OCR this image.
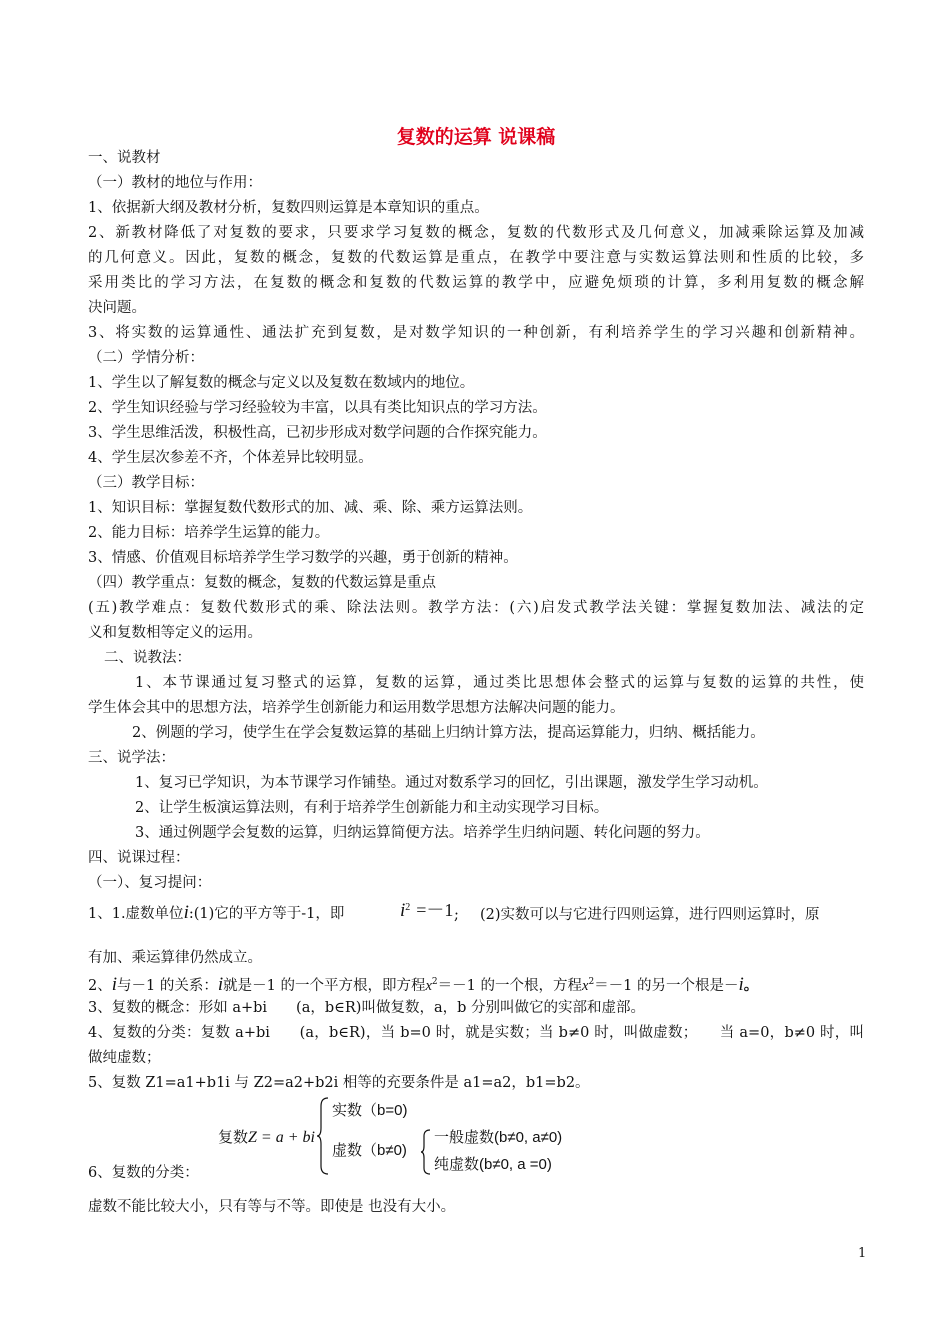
复数的运算 说课稿
一、说教材
（一）教材的地位与作用：
1、依据新大纲及教材分析，复数四则运算是本章知识的重点。
2、新教材降低了对复数的要求，只要求学习复数的概念，复数的代数形式及几何意义，加减乘除运算及加减
的几何意义。因此，复数的概念，复数的代数运算是重点，在教学中要注意与实数运算法则和性质的比较，多
采用类比的学习方法，在复数的概念和复数的代数运算的教学中，应避免烦琐的计算，多利用复数的概念解
决问题。
3、将实数的运算通性、通法扩充到复数，是对数学知识的一种创新，有利培养学生的学习兴趣和创新精神。
（二）学情分析：
1、学生以了解复数的概念与定义以及复数在数域内的地位。
2、学生知识经验与学习经验较为丰富，以具有类比知识点的学习方法。
3、学生思维活泼，积极性高，已初步形成对数学问题的合作探究能力。
4、学生层次参差不齐，个体差异比较明显。
（三）教学目标：
1、知识目标：掌握复数代数形式的加、减、乘、除、乘方运算法则。
2、能力目标：培养学生运算的能力。
3、情感、价值观目标培养学生学习数学的兴趣，勇于创新的精神。
（四）教学重点：复数的概念，复数的代数运算是重点
(五)教学难点：复数代数形式的乘、除法法则。教学方法：(六)启发式教学法关键：掌握复数加法、减法的定
义和复数相等定义的运用。
二、说教法：
1、本节课通过复习整式的运算，复数的运算，通过类比思想体会整式的运算与复数的运算的共性，使
学生体会其中的思想方法，培养学生创新能力和运用数学思想方法解决问题的能力。
2、例题的学习，使学生在学会复数运算的基础上归纳计算方法，提高运算能力，归纳、概括能力。
三、说学法：
1、复习已学知识，为本节课学习作铺垫。通过对数系学习的回忆，引出课题，激发学生学习动机。
2、让学生板演运算法则，有利于培养学生创新能力和主动实现学习目标。
3、通过例题学会复数的运算，归纳运算简便方法。培养学生归纳问题、转化问题的努力。
四、说课过程：
（一）、复习提问：
1、1.虚数单位i:(1)它的平方等于-1，即	$i^2 =-1$ ; (2)实数可以与它进行四则运算，进行四则运算时，原
有加、乘运算律仍然成立。
2、i与－1 的关系：i就是－1 的一个平方根，即方程$x^2=-1$ 的一个根，方程$x^2=-1$ 的另一个根是－i。
3、复数的概念：形如 a+bi　　(a，b∈R)叫做复数，a，b 分别叫做它的实部和虚部。
4、复数的分类：复数 a+bi　　(a，b∈R)，当 b=0 时，就是实数；当 b≠0 时，叫做虚数；　　当 a=0，b≠0 时，叫
做纯虚数；
5、复数 Z1=a1+b1i 与 Z2=a2+b2i 相等的充要条件是 a1=a2，b1=b2。
复数Z = a + bi
实数（b=0)
虚数（b≠0)
一般虚数(b≠0, a≠0)
纯虚数(b≠0, a =0)
6、复数的分类：
虚数不能比较大小，只有等与不等。即使是 也没有大小。
1
